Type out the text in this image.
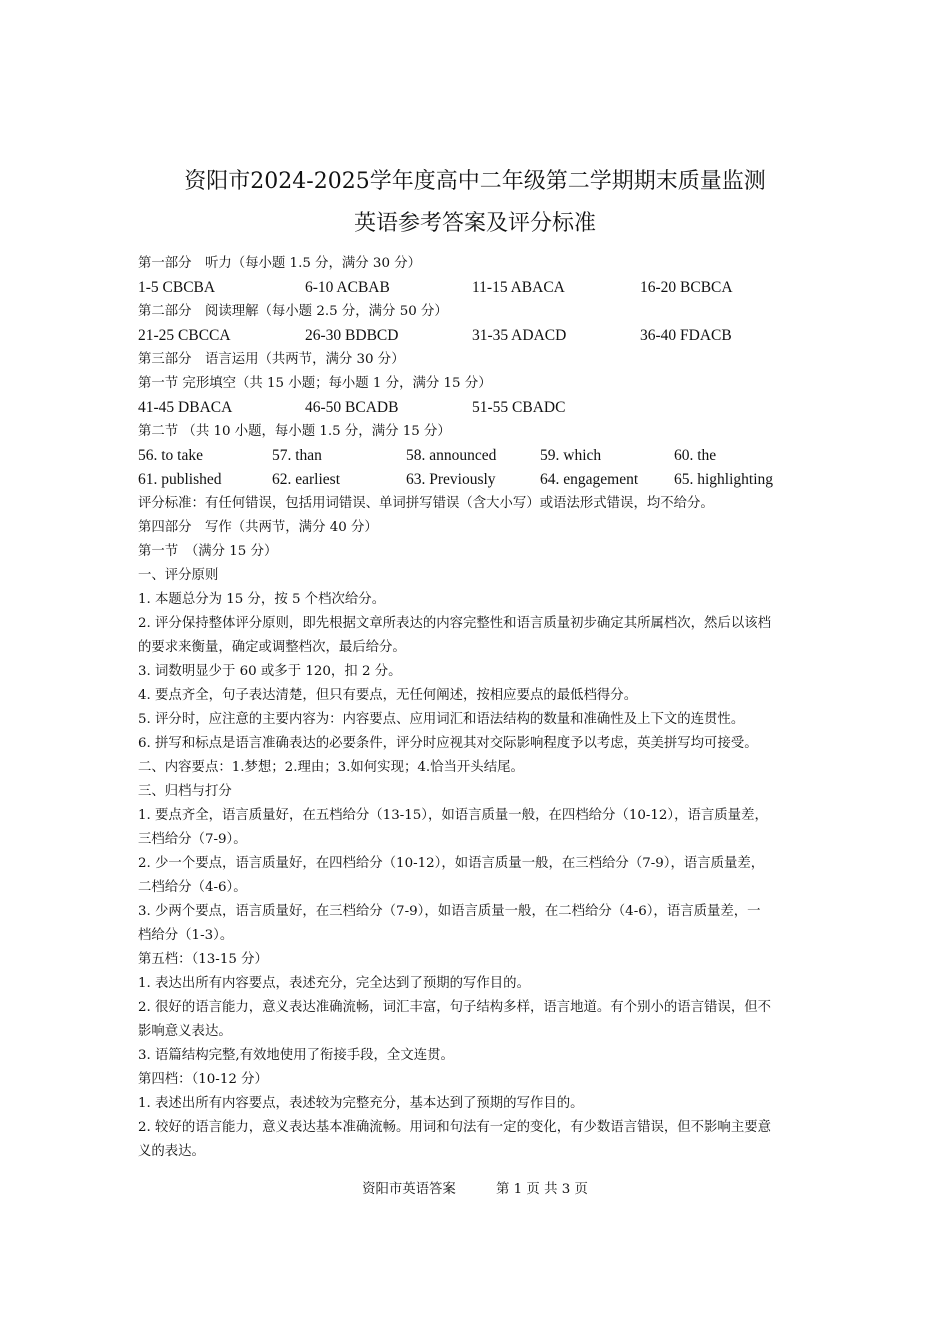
资阳市2024-2025学年度高中二年级第二学期期末质量监测
英语参考答案及评分标准
第一部分　听力（每小题 1.5 分，满分 30 分）
1-5 CBCBA	6-10 ACBAB	11-15 ABACA	16-20 BCBCA
第二部分　阅读理解（每小题 2.5 分，满分 50 分）
21-25 CBCCA	26-30 BDBCD	31-35 ADACD	36-40 FDACB
第三部分　语言运用（共两节，满分 30 分）
第一节 完形填空（共 15 小题；每小题 1 分，满分 15 分）
41-45 DBACA	46-50 BCADB	51-55 CBADC
第二节 （共 10 小题，每小题 1.5 分，满分 15 分）
56. to take	57. than	58. announced	59. which	60. the
61. published	62. earliest	63. Previously	64. engagement 65. highlighting
评分标准：有任何错误，包括用词错误、单词拼写错误（含大小写）或语法形式错误，均不给分。
第四部分　写作（共两节，满分 40 分）
第一节　（满分 15 分）
一、评分原则
1. 本题总分为 15 分，按 5 个档次给分。
2. 评分保持整体评分原则，即先根据文章所表达的内容完整性和语言质量初步确定其所属档次，然后以该档
的要求来衡量，确定或调整档次，最后给分。
3. 词数明显少于 60 或多于 120，扣 2 分。
4. 要点齐全，句子表达清楚，但只有要点，无任何阐述，按相应要点的最低档得分。
5. 评分时，应注意的主要内容为：内容要点、应用词汇和语法结构的数量和准确性及上下文的连贯性。
6. 拼写和标点是语言准确表达的必要条件，评分时应视其对交际影响程度予以考虑，英美拼写均可接受。
二、内容要点：1.梦想；2.理由；3.如何实现；4.恰当开头结尾。
三、归档与打分
1. 要点齐全，语言质量好，在五档给分（13-15），如语言质量一般，在四档给分（10-12），语言质量差，
三档给分（7-9）。
2. 少一个要点，语言质量好，在四档给分（10-12），如语言质量一般，在三档给分（7-9），语言质量差，
二档给分（4-6）。
3. 少两个要点，语言质量好，在三档给分（7-9），如语言质量一般，在二档给分（4-6），语言质量差，一
档给分（1-3）。
第五档：（13-15 分）
1. 表达出所有内容要点，表述充分，完全达到了预期的写作目的。
2. 很好的语言能力，意义表达准确流畅，词汇丰富，句子结构多样，语言地道。有个别小的语言错误，但不
影响意义表达。
3. 语篇结构完整,有效地使用了衔接手段，全文连贯。
第四档：（10-12 分）
1. 表述出所有内容要点，表述较为完整充分，基本达到了预期的写作目的。
2. 较好的语言能力，意义表达基本准确流畅。用词和句法有一定的变化，有少数语言错误，但不影响主要意
义的表达。
资阳市英语答案　　　第 1 页 共 3 页
